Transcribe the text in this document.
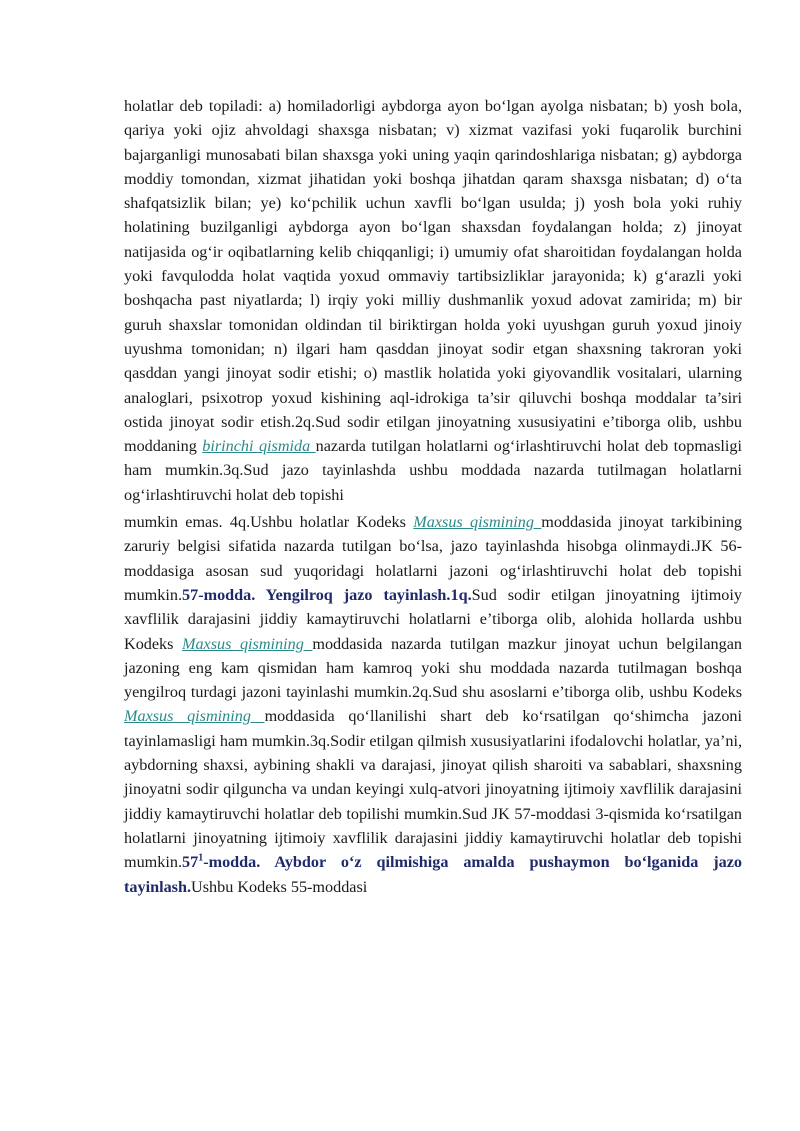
holatlar deb topiladi: a) homiladorligi aybdorga ayon bo‘lgan ayolga nisbatan; b) yosh bola, qariya yoki ojiz ahvoldagi shaxsga nisbatan; v) xizmat vazifasi yoki fuqarolik burchini bajarganligi munosabati bilan shaxsga yoki uning yaqin qarindoshlariga nisbatan; g) aybdorga moddiy tomondan, xizmat jihatidan yoki boshqa jihatdan qaram shaxsga nisbatan; d) o‘ta shafqatsizlik bilan; ye) ko‘pchilik uchun xavfli bo‘lgan usulda; j) yosh bola yoki ruhiy holatining buzilganligi aybdorga ayon bo‘lgan shaxsdan foydalangan holda; z) jinoyat natijasida og‘ir oqibatlarning kelib chiqqanligi; i) umumiy ofat sharoitidan foydalangan holda yoki favqulodda holat vaqtida yoxud ommaviy tartibsizliklar jarayonida; k) g‘arazli yoki boshqacha past niyatlarda; l) irqiy yoki milliy dushmanlik yoxud adovat zamirida; m) bir guruh shaxslar tomonidan oldindan til biriktirgan holda yoki uyushgan guruh yoxud jinoiy uyushma tomonidan; n) ilgari ham qasddan jinoyat sodir etgan shaxsning takroran yoki qasddan yangi jinoyat sodir etishi; o) mastlik holatida yoki giyovandlik vositalari, ularning analoglari, psixotrop yoxud kishining aql-idrokiga ta’sir qiluvchi boshqa moddalar ta’siri ostida jinoyat sodir etish.2q.Sud sodir etilgan jinoyatning xususiyatini e’tiborga olib, ushbu moddaning birinchi qismida nazarda tutilgan holatlarni og‘irlashtiruvchi holat deb topmasligi ham mumkin.3q.Sud jazo tayinlashda ushbu moddada nazarda tutilmagan holatlarni og‘irlashtiruvchi holat deb topishi

mumkin emas. 4q.Ushbu holatlar Kodeks Maxsus qismining moddasida jinoyat tarkibining zaruriy belgisi sifatida nazarda tutilgan bo‘lsa, jazo tayinlashda hisobga olinmaydi.JK 56-moddasiga asosan sud yuqoridagi holatlarni jazoni og‘irlashtiruvchi holat deb topishi mumkin.57-modda. Yengilroq jazo tayinlash.1q.Sud sodir etilgan jinoyatning ijtimoiy xavflilik darajasini jiddiy kamaytiruvchi holatlarni e’tiborga olib, alohida hollarda ushbu Kodeks Maxsus qismining moddasida nazarda tutilgan mazkur jinoyat uchun belgilangan jazoning eng kam qismidan ham kamroq yoki shu moddada nazarda tutilmagan boshqa yengilroq turdagi jazoni tayinlashi mumkin.2q.Sud shu asoslarni e’tiborga olib, ushbu Kodeks Maxsus qismining moddasida qo‘llanilishi shart deb ko‘rsatilgan qo‘shimcha jazoni tayinlamasligi ham mumkin.3q.Sodir etilgan qilmish xususiyatlarini ifodalovchi holatlar, ya’ni, aybdorning shaxsi, aybining shakli va darajasi, jinoyat qilish sharoiti va sabablari, shaxsning jinoyatni sodir qilguncha va undan keyingi xulq-atvori jinoyatning ijtimoiy xavflilik darajasini jiddiy kamaytiruvchi holatlar deb topilishi mumkin.Sud JK 57-moddasi 3-qismida ko‘rsatilgan holatlarni jinoyatning ijtimoiy xavflilik darajasini jiddiy kamaytiruvchi holatlar deb topishi $mumkin.57^1$-modda. Aybdor o‘z qilmishiga amalda pushaymon bo‘lganida jazo tayinlash.Ushbu Kodeks 55-moddasi
